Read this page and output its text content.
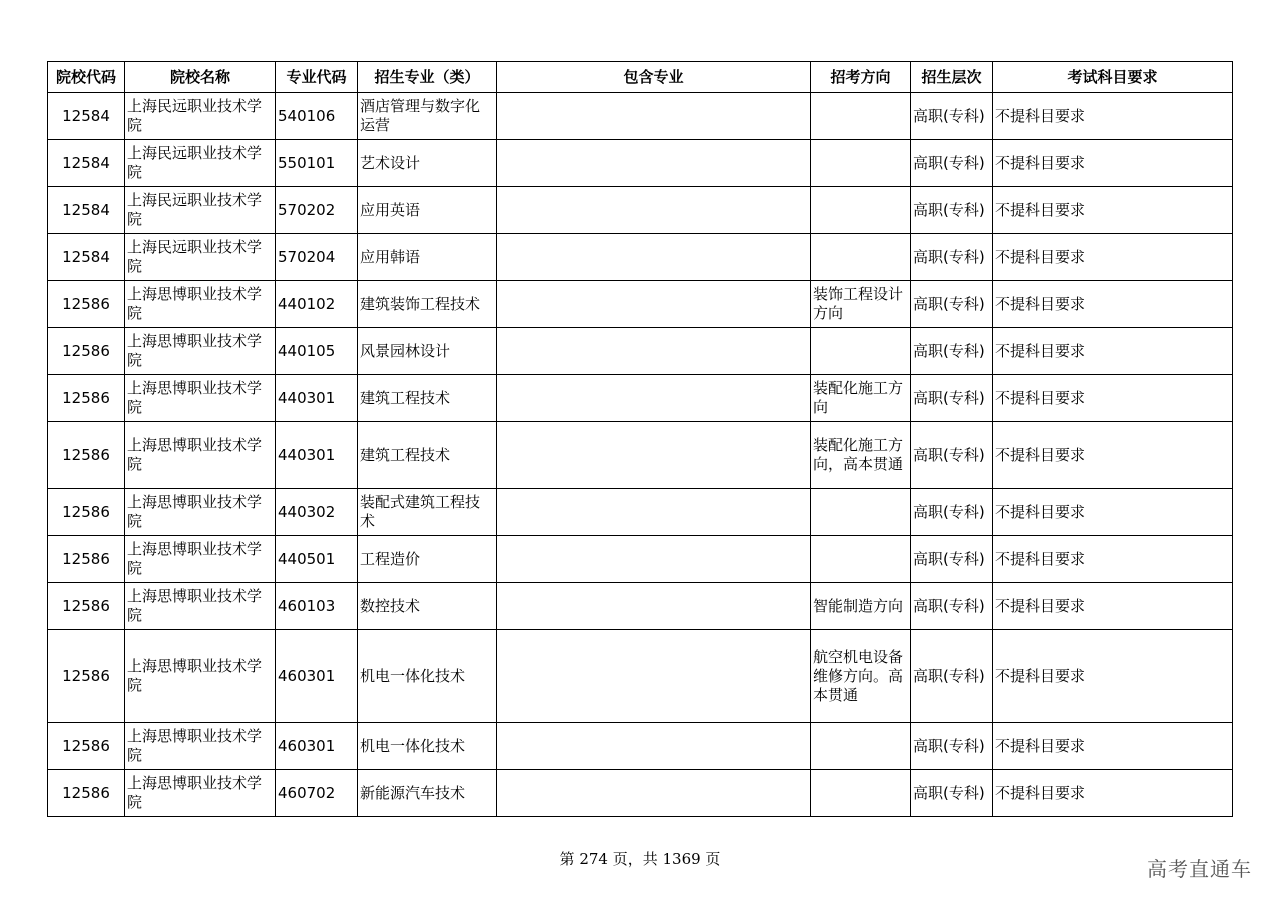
院校代码	院校名称	专业代码	招生专业（类）	包含专业	招考方向	招生层次	考试科目要求
12584	上海民远职业技术学院	540106	酒店管理与数字化运营			高职(专科)	不提科目要求
12584	上海民远职业技术学院	550101	艺术设计			高职(专科)	不提科目要求
12584	上海民远职业技术学院	570202	应用英语			高职(专科)	不提科目要求
12584	上海民远职业技术学院	570204	应用韩语			高职(专科)	不提科目要求
12586	上海思博职业技术学院	440102	建筑装饰工程技术		装饰工程设计方向	高职(专科)	不提科目要求
12586	上海思博职业技术学院	440105	风景园林设计			高职(专科)	不提科目要求
12586	上海思博职业技术学院	440301	建筑工程技术		装配化施工方向	高职(专科)	不提科目要求
12586	上海思博职业技术学院	440301	建筑工程技术		装配化施工方向，高本贯通	高职(专科)	不提科目要求
12586	上海思博职业技术学院	440302	装配式建筑工程技术			高职(专科)	不提科目要求
12586	上海思博职业技术学院	440501	工程造价			高职(专科)	不提科目要求
12586	上海思博职业技术学院	460103	数控技术		智能制造方向	高职(专科)	不提科目要求
12586	上海思博职业技术学院	460301	机电一体化技术		航空机电设备维修方向。高本贯通	高职(专科)	不提科目要求
12586	上海思博职业技术学院	460301	机电一体化技术			高职(专科)	不提科目要求
12586	上海思博职业技术学院	460702	新能源汽车技术			高职(专科)	不提科目要求
第 274 页，共 1369 页	高考直通车
